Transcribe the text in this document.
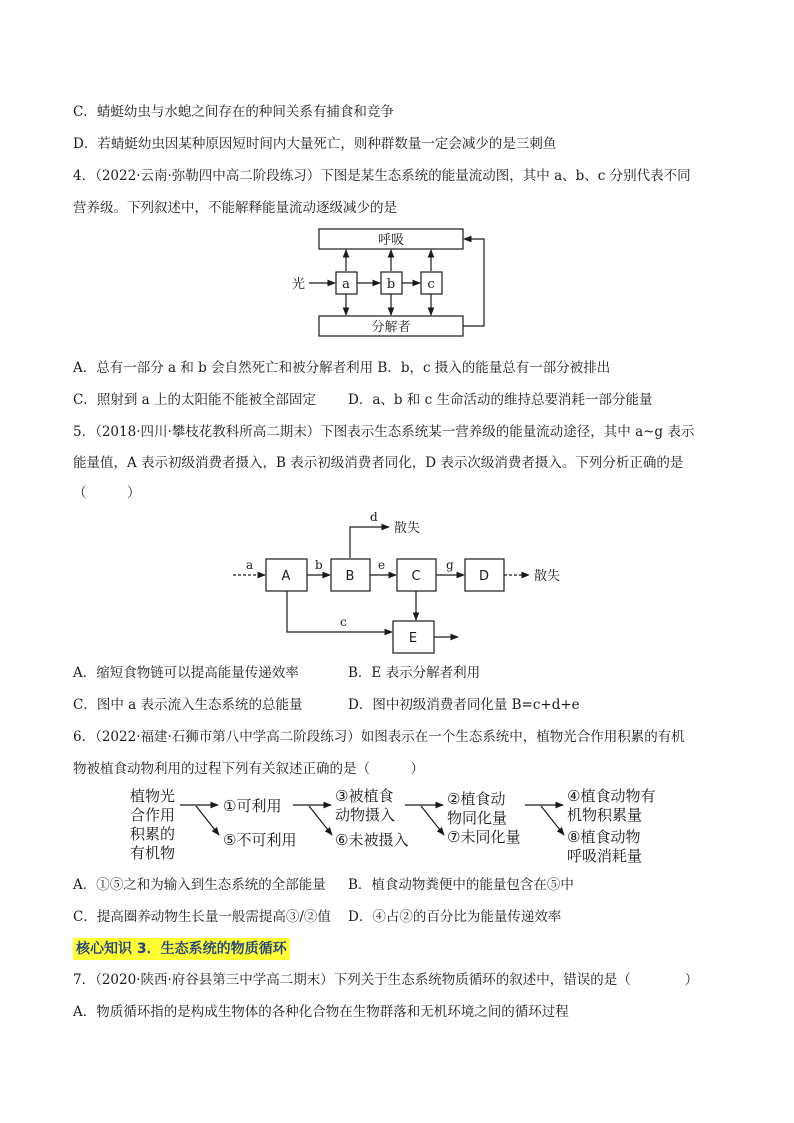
C．蜻蜓幼虫与水螅之间存在的种间关系有捕食和竞争
D．若蜻蜓幼虫因某种原因短时间内大量死亡，则种群数量一定会减少的是三刺鱼
4．（2022·云南·弥勒四中高二阶段练习）下图是某生态系统的能量流动图，其中 a、b、c 分别代表不同
营养级。下列叙述中，不能解释能量流动逐级减少的是
呼吸
分解者
光	a	b c
A．总有一部分 a 和 b 会自然死亡和被分解者利用 B．b，c 摄入的能量总有一部分被排出
C．照射到 a 上的太阳能不能被全部固定 D．a、b 和 c 生命活动的维持总要消耗一部分能量
5．（2018·四川·攀枝花教科所高二期末）下图表示生态系统某一营养级的能量流动途径，其中 a~g 表示
能量值，A 表示初级消费者摄入，B 表示初级消费者同化，D 表示次级消费者摄入。下列分析正确的是
（　　　）
A	B	C	D
E
a	b	e	g
d
c
散失
散失
A．缩短食物链可以提高能量传递效率	B．E 表示分解者利用
C．图中 a 表示流入生态系统的总能量	D．图中初级消费者同化量 B=c+d+e
6．（2022·福建·石狮市第八中学高二阶段练习）如图表示在一个生态系统中，植物光合作用积累的有机
物被植食动物利用的过程下列有关叙述正确的是（　　　）
植物光
合作用
积累的
有机物
①可利用
⑤不可利用
③被植食
动物摄入
⑥未被摄入
②植食动
物同化量
⑦未同化量
④植食动物有
机物积累量
⑧植食动物
呼吸消耗量
A．①⑤之和为输入到生态系统的全部能量 B．植食动物粪便中的能量包含在⑤中
C．提高圈养动物生长量一般需提高③/②值 D．④占②的百分比为能量传递效率
核心知识 3．生态系统的物质循环
7．（2020·陕西·府谷县第三中学高二期末）下列关于生态系统物质循环的叙述中，错误的是（　　　　）
A．物质循环指的是构成生物体的各种化合物在生物群落和无机环境之间的循环过程
